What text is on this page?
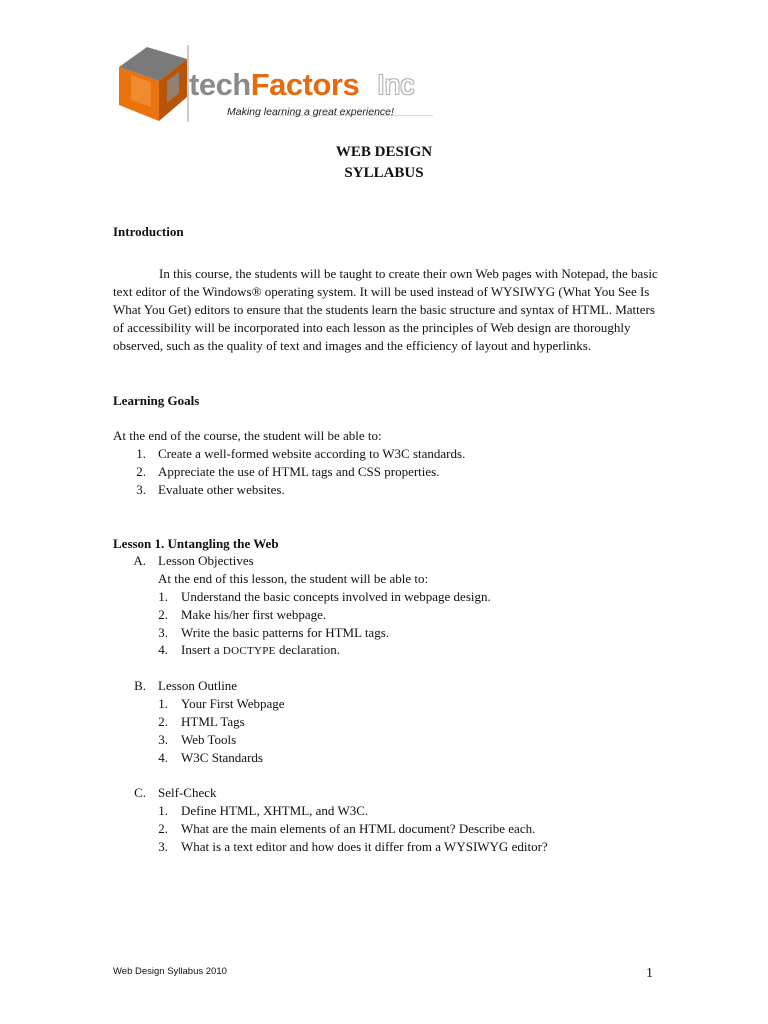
techFactors Inc
Making learning a great experience!
WEB DESIGN
SYLLABUS
Introduction
In this course, the students will be taught to create their own Web pages with Notepad, the basic text editor of the Windows® operating system. It will be used instead of WYSIWYG (What You See Is What You Get) editors to ensure that the students learn the basic structure and syntax of HTML. Matters of accessibility will be incorporated into each lesson as the principles of Web design are thoroughly observed, such as the quality of text and images and the efficiency of layout and hyperlinks.
Learning Goals
At the end of the course, the student will be able to:
1. Create a well-formed website according to W3C standards.
2. Appreciate the use of HTML tags and CSS properties.
3. Evaluate other websites.
Lesson 1. Untangling the Web
A. Lesson Objectives
At the end of this lesson, the student will be able to:
1. Understand the basic concepts involved in webpage design.
2. Make his/her first webpage.
3. Write the basic patterns for HTML tags.
4. Insert a DOCTYPE declaration.
B. Lesson Outline
1. Your First Webpage
2. HTML Tags
3. Web Tools
4. W3C Standards
C. Self-Check
1. Define HTML, XHTML, and W3C.
2. What are the main elements of an HTML document? Describe each.
3. What is a text editor and how does it differ from a WYSIWYG editor?
Web Design Syllabus 2010	1
